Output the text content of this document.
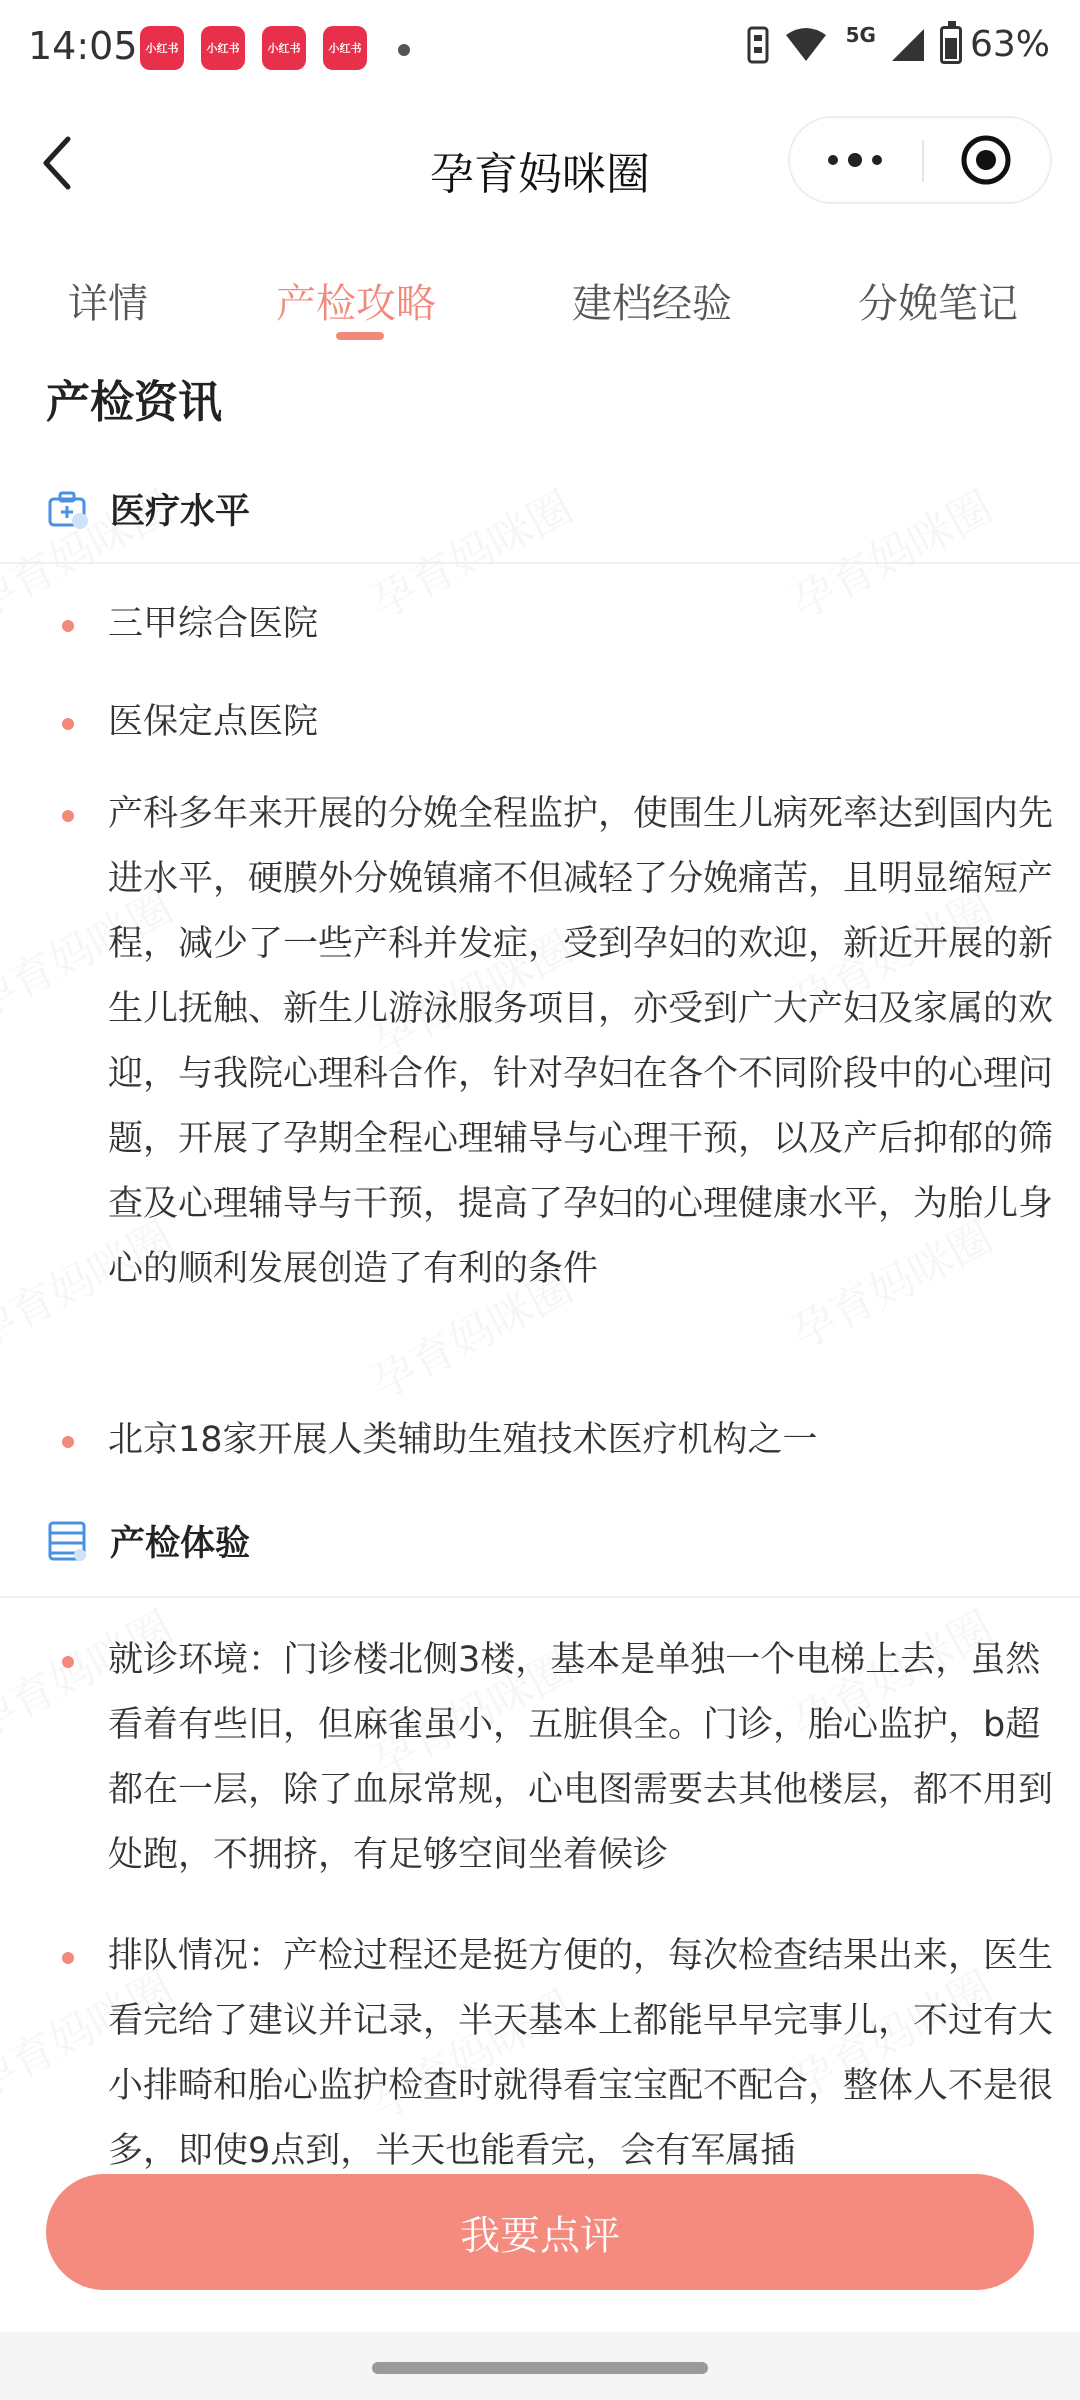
14:05 小红书	小红书	小红书	小红书
5G	63%
孕育妈咪圈
详情	产检攻略	建档经验	分娩笔记
产检资讯
医疗水平
三甲综合医院
医保定点医院
产科多年来开展的分娩全程监护，使围生儿病死率达到国内先进水平，硬膜外分娩镇痛不但减轻了分娩痛苦，且明显缩短产程，减少了一些产科并发症，受到孕妇的欢迎，新近开展的新生儿抚触、新生儿游泳服务项目，亦受到广大产妇及家属的欢迎，与我院心理科合作，针对孕妇在各个不同阶段中的心理问题，开展了孕期全程心理辅导与心理干预，以及产后抑郁的筛查及心理辅导与干预，提高了孕妇的心理健康水平，为胎儿身心的顺利发展创造了有利的条件
北京18家开展人类辅助生殖技术医疗机构之一
产检体验
就诊环境：门诊楼北侧3楼，基本是单独一个电梯上去，虽然看着有些旧，但麻雀虽小，五脏俱全。门诊，胎心监护，b超都在一层，除了血尿常规，心电图需要去其他楼层，都不用到处跑，不拥挤，有足够空间坐着候诊
排队情况：产检过程还是挺方便的，每次检查结果出来，医生看完给了建议并记录，半天基本上都能早早完事儿，不过有大小排畸和胎心监护检查时就得看宝宝配不配合，整体人不是很多，即使9点到，半天也能看完，会有军属插
我要点评
